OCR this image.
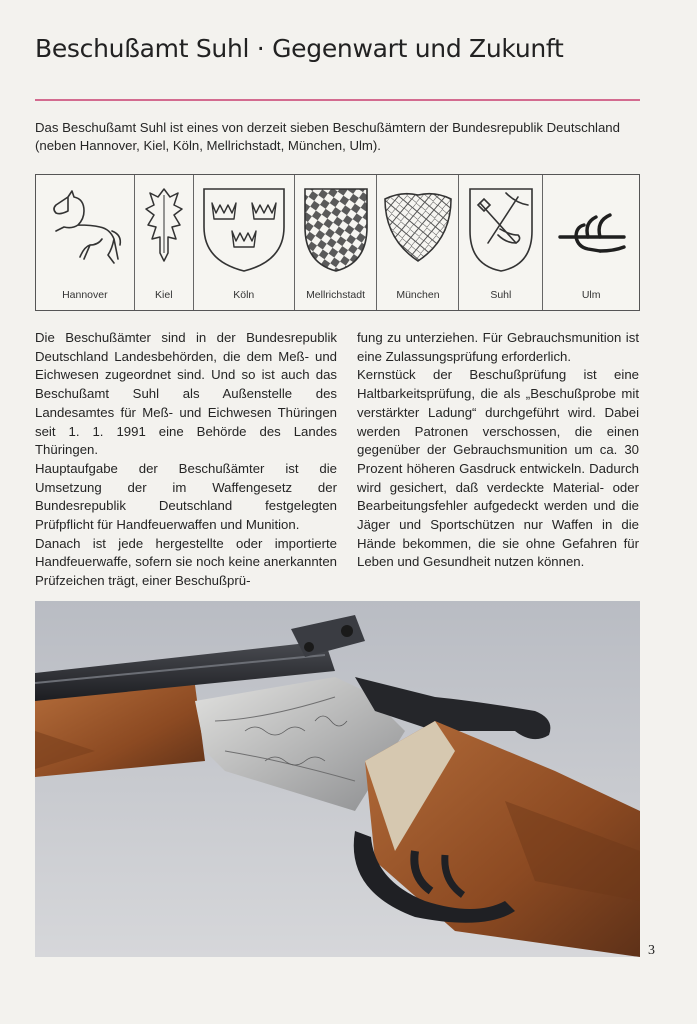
Beschußamt Suhl · Gegenwart und Zukunft
Das Beschußamt Suhl ist eines von derzeit sieben Beschußämtern der Bundesrepublik Deutschland (neben Hannover, Kiel, Köln, Mellrichstadt, München, Ulm).
Hannover	Kiel	Köln	Mellrichstadt	München	Suhl	Ulm

Die Beschußämter sind in der Bundesrepublik Deutschland Landesbehörden, die dem Meß- und Eichwesen zugeordnet sind. Und so ist auch das Beschußamt Suhl als Außenstelle des Landesamtes für Meß- und Eichwesen Thüringen seit 1. 1. 1991 eine Behörde des Landes Thüringen.

Hauptaufgabe der Beschußämter ist die Umsetzung der im Waffengesetz der Bundesrepublik Deutschland festgelegten Prüfpflicht für Handfeuerwaffen und Munition.

Danach ist jede hergestellte oder importierte Handfeuerwaffe, sofern sie noch keine anerkannten Prüfzeichen trägt, einer Beschußprü-

fung zu unterziehen. Für Gebrauchsmunition ist eine Zulassungsprüfung erforderlich.

Kernstück der Beschußprüfung ist eine Haltbarkeitsprüfung, die als „Beschußprobe mit verstärkter Ladung“ durchgeführt wird. Dabei werden Patronen verschossen, die einen gegenüber der Gebrauchsmunition um ca. 30 Prozent höheren Gasdruck entwickeln. Dadurch wird gesichert, daß verdeckte Material- oder Bearbeitungsfehler aufgedeckt werden und die Jäger und Sportschützen nur Waffen in die Hände bekommen, die sie ohne Gefahren für Leben und Gesundheit nutzen können.

3
